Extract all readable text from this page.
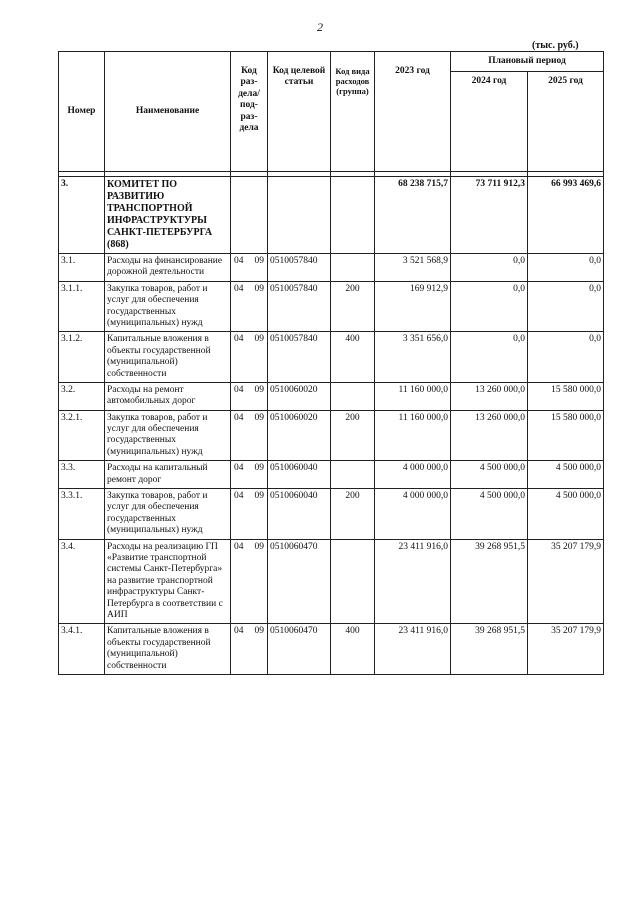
2
(тыс. руб.)
Номер	Наименование	Код раз-дела/ под-раз-дела	Код целевой статьи	Код вида расходов (группа)	2023 год	Плановый период	
						2024 год	2025 год

3.	КОМИТЕТ ПО РАЗВИТИЮ ТРАНСПОРТНОЙ ИНФРАСТРУКТУРЫ САНКТ-ПЕТЕРБУРГА (868)				68 238 715,7	73 711 912,3	66 993 469,6
3.1.	Расходы на финансирование дорожной деятельности	04 09	0510057840		3 521 568,9	0,0	0,0
3.1.1.	Закупка товаров, работ и услуг для обеспечения государственных (муниципальных) нужд	04 09	0510057840	200	169 912,9	0,0	0,0
3.1.2.	Капитальные вложения в объекты государственной (муниципальной) собственности	04 09	0510057840	400	3 351 656,0	0,0	0,0
3.2.	Расходы на ремонт автомобильных дорог	04 09	0510060020		11 160 000,0	13 260 000,0	15 580 000,0
3.2.1.	Закупка товаров, работ и услуг для обеспечения государственных (муниципальных) нужд	04 09	0510060020	200	11 160 000,0	13 260 000,0	15 580 000,0
3.3.	Расходы на капитальный ремонт дорог	04 09	0510060040		4 000 000,0	4 500 000,0	4 500 000,0
3.3.1.	Закупка товаров, работ и услуг для обеспечения государственных (муниципальных) нужд	04 09	0510060040	200	4 000 000,0	4 500 000,0	4 500 000,0
3.4.	Расходы на реализацию ГП «Развитие транспортной системы Санкт-Петербурга» на развитие транспортной инфраструктуры Санкт-Петербурга в соответствии с АИП	04 09	0510060470		23 411 916,0	39 268 951,5	35 207 179,9
3.4.1.	Капитальные вложения в объекты государственной (муниципальной) собственности	04 09	0510060470	400	23 411 916,0	39 268 951,5	35 207 179,9
